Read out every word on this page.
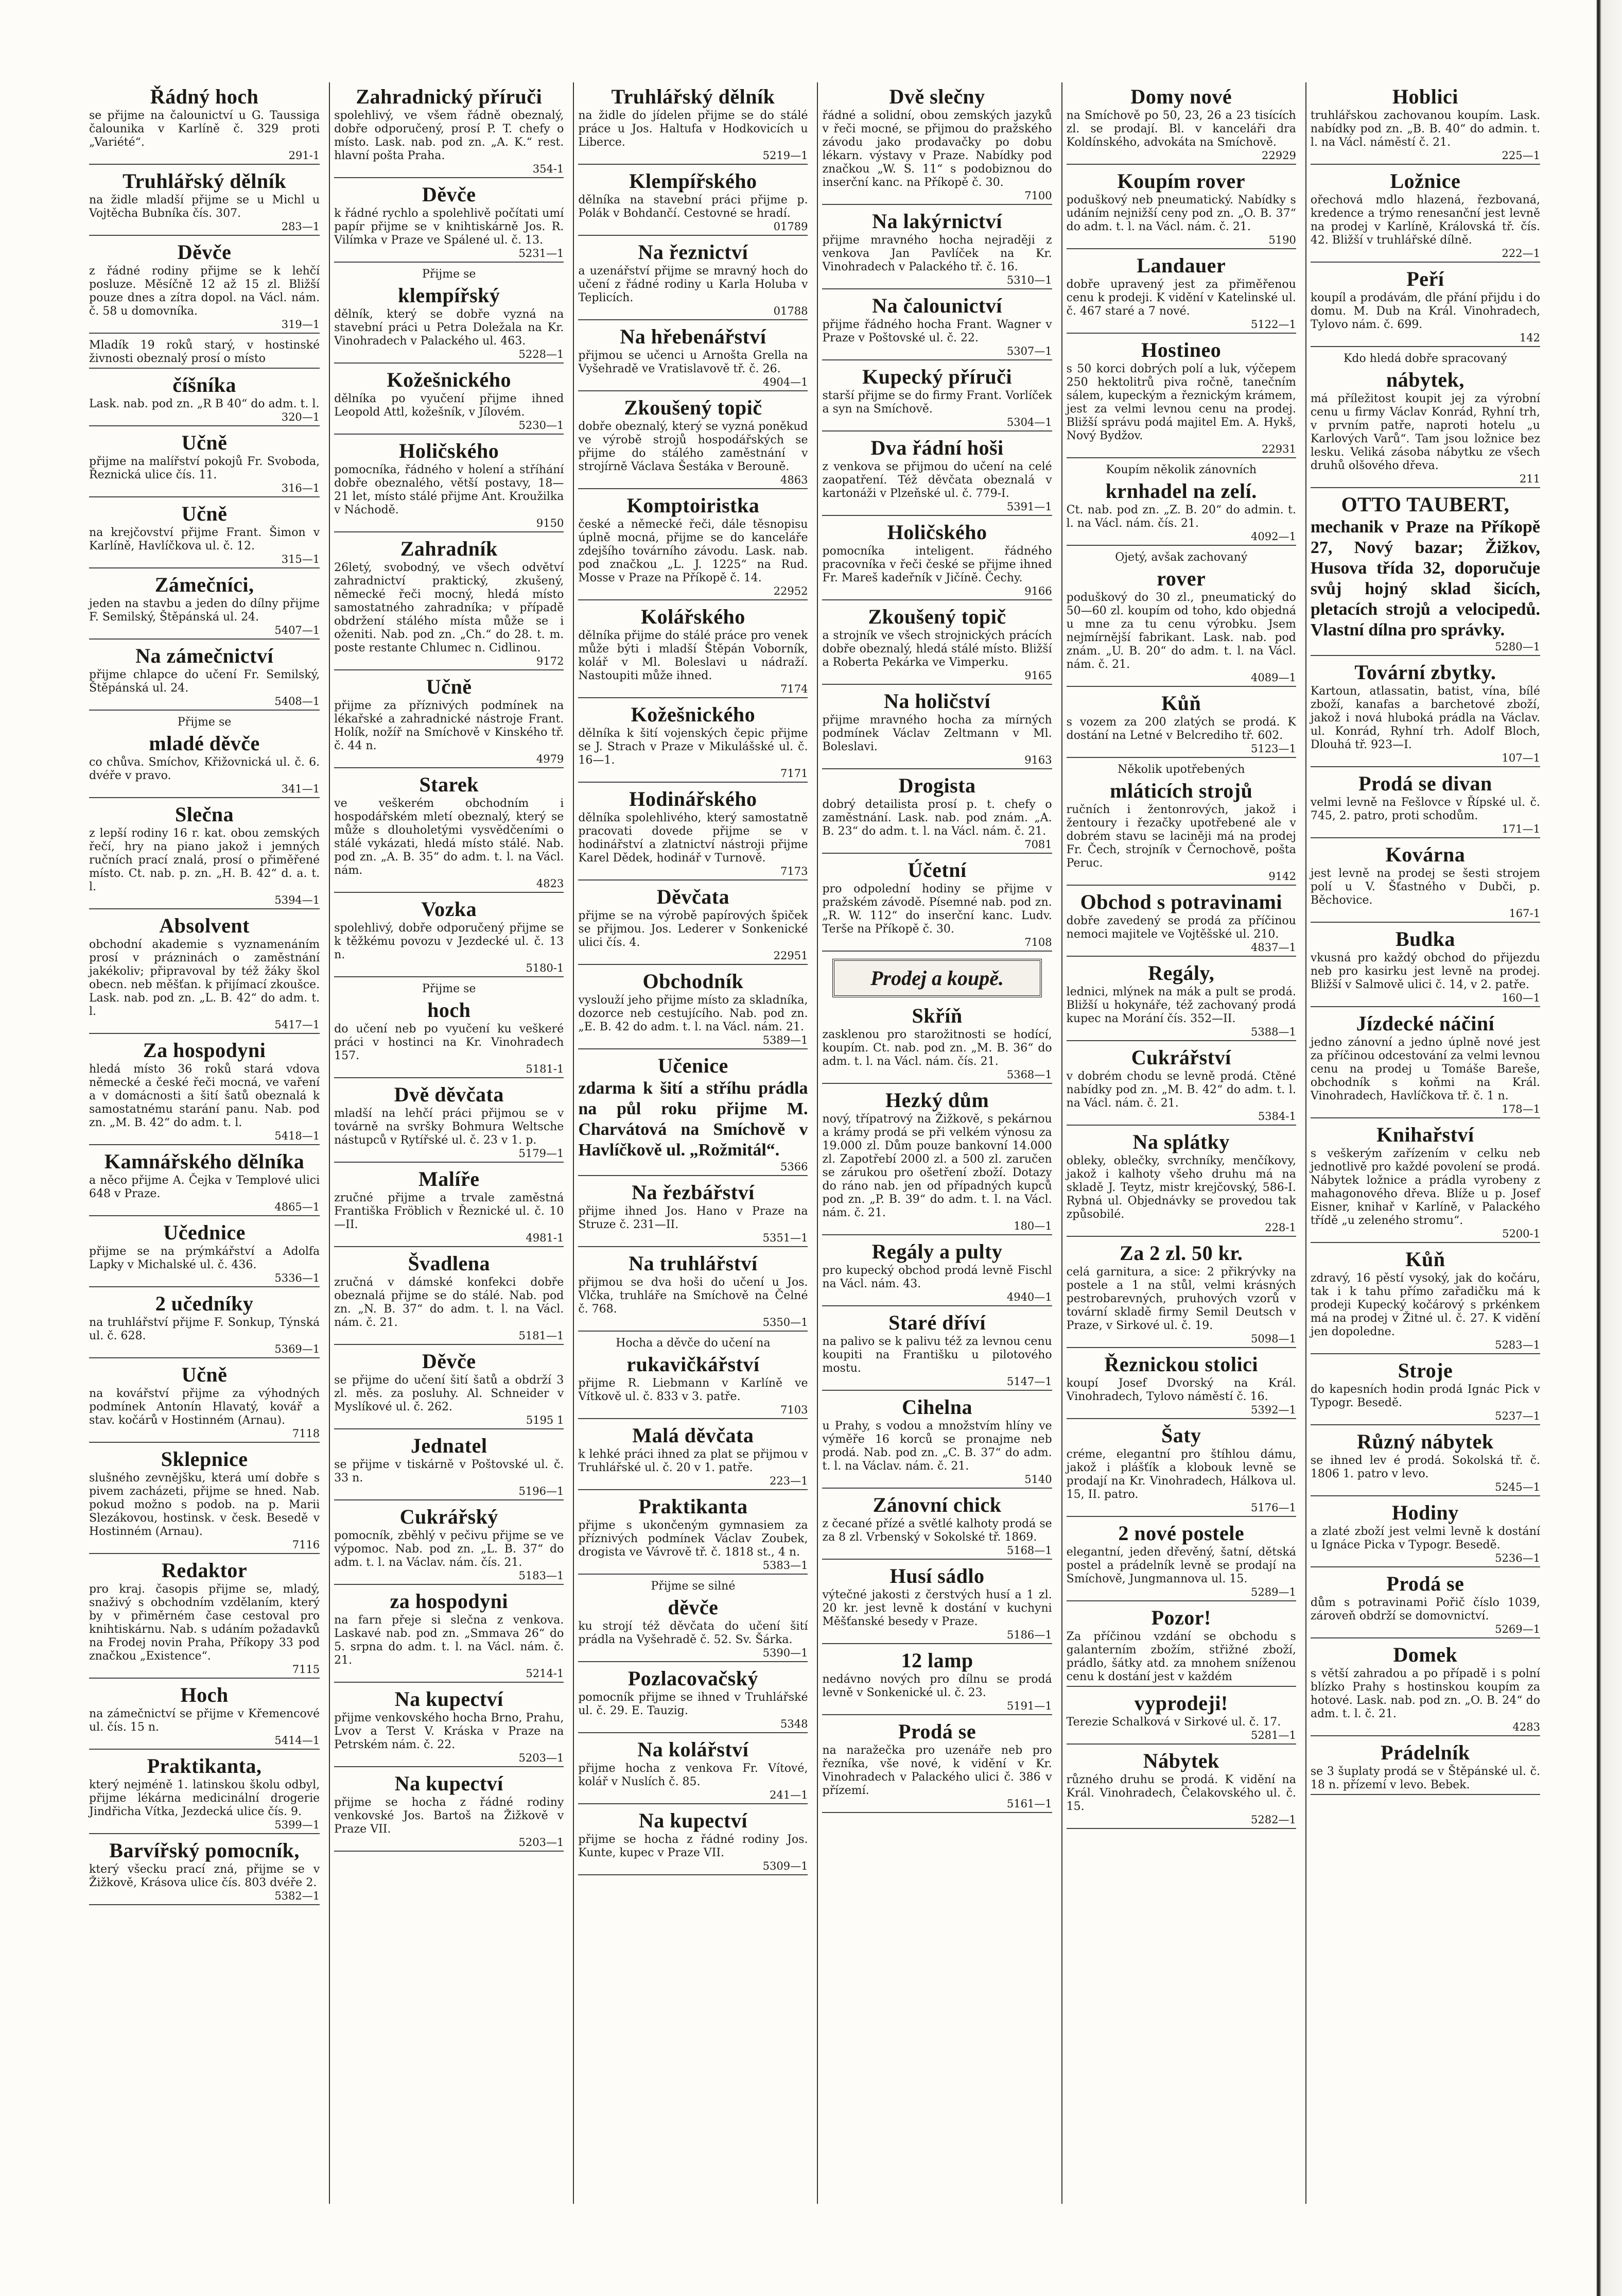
Řádný hoch

se přijme na čalounictví u G. Taussiga čalounika v Karlíně č. 329 proti „Variété“.

291-1
Truhlářský dělník

na židle mladší přijme se u Michl u Vojtěcha Bubníka čís. 307.

283—1
Děvče

z řádné rodiny přijme se k lehčí posluze. Měsíčně 12 až 15 zl. Bližší pouze dnes a zítra dopol. na Václ. nám. č. 58 u domovníka.

319—1

Mladík 19 roků starý, v hostinské živnosti obeznalý prosí o místo

číšníka

Lask. nab. pod zn. „R B 40“ do adm. t. l.

320—1
Učně

přijme na malířství pokojů Fr. Svoboda, Řeznická ulice čís. 11.

316—1
Učně

na krejčovství přijme Frant. Šimon v Karlíně, Havlíčkova ul. č. 12.

315—1
Zámečníci,

jeden na stavbu a jeden do dílny přijme F. Semilský, Štěpánská ul. 24.

5407—1
Na zámečnictví

přijme chlapce do učení Fr. Semilský, Štěpánská ul. 24.

5408—1
Přijme se
mladé děvče

co chůva. Smíchov, Křižovnická ul. č. 6. dvéře v pravo.

341—1
Slečna

z lepší rodiny 16 r. kat. obou zemských řečí, hry na piano jakož i jemných ručních prací znalá, prosí o přiměřené místo. Ct. nab. p. zn. „H. B. 42“ d. a. t. l.

5394—1
Absolvent

obchodní akademie s vyznamenáním prosí v prázninách o zaměstnání jakékoliv; připravoval by též žáky škol obecn. neb měšťan. k přijímací zkoušce. Lask. nab. pod zn. „L. B. 42“ do adm. t. l.

5417—1
Za hospodyni

hledá místo 36 roků stará vdova německé a české řeči mocná, ve vaření a v domácnosti a šití šatů obeznalá k samostatnému starání panu. Nab. pod zn. „M. B. 42“ do adm. t. l.

5418—1
Kamnářského dělníka

a něco přijme A. Čejka v Templové ulici 648 v Praze.

4865—1
Učednice

přijme se na prýmkářství a Adolfa Lapky v Michalské ul. č. 436.

5336—1
2 učedníky

na truhlářství přijme F. Sonkup, Týnská ul. č. 628.

5369—1
Učně

na kovářství přijme za výhodných podmínek Antonín Hlavatý, kovář a stav. kočárů v Hostinném (Arnau).

7118
Sklepnice

slušného zevnějšku, která umí dobře s pivem zacházeti, přijme se hned. Nab. pokud možno s podob. na p. Marii Slezákovou, hostinsk. v česk. Besedě v Hostinném (Arnau).

7116
Redaktor

pro kraj. časopis přijme se, mladý, snaživý s obchodním vzdělaním, který by v přiměrném čase cestoval pro knihtiskárnu. Nab. s udáním požadavků na Frodej novin Praha, Příkopy 33 pod značkou „Existence“.

7115
Hoch

na zámečnictví se přijme v Křemencové ul. čís. 15 n.

5414—1
Praktikanta,

který nejméně 1. latinskou školu odbyl, přijme lékárna medicinální drogerie Jindřicha Vítka, Jezdecká ulice čís. 9.

5399—1
Barvířský pomocník,

který všecku prací zná, přijme se v Žižkově, Krásova ulice čís. 803 dvéře 2.

5382—1
Zahradnický příruči

spolehlivý, ve všem řádně obeznalý, dobře odporučený, prosí P. T. chefy o místo. Lask. nab. pod zn. „A. K.“ rest. hlavní pošta Praha.

354-1
Děvče

k řádné rychlo a spolehlivě počítati umí papír přijme se v knihtiskárně Jos. R. Vilímka v Praze ve Spálené ul. č. 13.

5231—1
Přijme se
klempířský

dělník, který se dobře vyzná na stavební práci u Petra Doležala na Kr. Vinohradech v Palackého ul. 463.

5228—1
Kožešnického

dělníka po vyučení přijme ihned Leopold Attl, kožešník, v Jílovém.

5230—1
Holičského

pomocníka, řádného v holení a stříhání dobře obeznalého, větší postavy, 18—21 let, místo stálé přijme Ant. Kroužilka v Náchodě.

9150
Zahradník

26letý, svobodný, ve všech odvětví zahradnictví praktický, zkušený, německé řeči mocný, hledá místo samostatného zahradníka; v případě obdržení stálého místa může se i oženiti. Nab. pod zn. „Ch.“ do 28. t. m. poste restante Chlumec n. Cidlinou.

9172
Učně

přijme za příznivých podmínek na lékařské a zahradnické nástroje Frant. Holík, nožíř na Smíchově v Kinského tř. č. 44 n.

4979
Starek

ve veškerém obchodním i hospodářském mletí obeznalý, který se může s dlouholetými vysvědčeními o stálé vykázati, hledá místo stálé. Nab. pod zn. „A. B. 35“ do adm. t. l. na Václ. nám.

4823
Vozka

spolehlivý, dobře odporučený přijme se k těžkému povozu v Jezdecké ul. č. 13 n.

5180-1
Přijme se
hoch

do učení neb po vyučení ku veškeré práci v hostinci na Kr. Vinohradech 157.

5181-1
Dvě děvčata

mladší na lehčí práci přijmou se v továrně na svršky Bohmura Weltsche nástupců v Rytířské ul. č. 23 v 1. p.

5179—1
Malíře

zručné přijme a trvale zaměstná Františka Fröblich v Řeznické ul. č. 10—II.

4981-1
Švadlena

zručná v dámské konfekci dobře obeznalá přijme se do stálé. Nab. pod zn. „N. B. 37“ do adm. t. l. na Václ. nám. č. 21.

5181—1
Děvče

se přijme do učení šití šatů a obdrží 3 zl. měs. za posluhy. Al. Schneider v Myslíkové ul. č. 262.

5195 1
Jednatel

se přijme v tiskárně v Poštovské ul. č. 33 n.

5196—1
Cukrářský

pomocník, zběhlý v pečivu přijme se ve výpomoc. Nab. pod zn. „L. B. 37“ do adm. t. l. na Václav. nám. čís. 21.

5183—1
za hospodyni

na farn přeje si slečna z venkova. Laskavé nab. pod zn. „Smmava 26“ do 5. srpna do adm. t. l. na Václ. nám. č. 21.

5214-1
Na kupectví

přijme venkovského hocha Brno, Prahu, Lvov a Terst V. Kráska v Praze na Petrském nám. č. 22.

5203—1
Na kupectví

přijme se hocha z řádné rodiny venkovské Jos. Bartoš na Žižkově v Praze VII.

5203—1
Truhlářský dělník

na židle do jídelen přijme se do stálé práce u Jos. Haltufa v Hodkovicích u Liberce.

5219—1
Klempířského

dělníka na stavební práci přijme p. Polák v Bohdančí. Cestovné se hradí.

01789
Na řeznictví

a uzenářství přijme se mravný hoch do učení z řádné rodiny u Karla Holuba v Teplicích.

01788
Na hřebenářství

přijmou se učenci u Arnošta Grella na Vyšehradě ve Vratislavově tř. č. 26.

4904—1
Zkoušený topič

dobře obeznalý, který se vyzná poněkud ve výrobě strojů hospodářských se přijme do stálého zaměstnání v strojírně Václava Šestáka v Berouně.

4863
Komptoiristka

české a německé řeči, dále těsnopisu úplně mocná, přijme se do kanceláře zdejšího továrního závodu. Lask. nab. pod značkou „L. J. 1225“ na Rud. Mosse v Praze na Příkopě č. 14.

22952
Kolářského

dělníka přijme do stálé práce pro venek může býti i mladší Štěpán Voborník, kolář v Ml. Boleslavi u nádraží. Nastoupiti může ihned.

7174
Kožešnického

dělníka k šití vojenských čepic přijme se J. Strach v Praze v Mikulášské ul. č. 16—1.

7171
Hodinářského

dělníka spolehlivého, který samostatně pracovati dovede přijme se v hodinářství a zlatnictví nástroji přijme Karel Dědek, hodinář v Turnově.

7173
Děvčata

přijme se na výrobě papírových špiček se přijmou. Jos. Lederer v Sonkenické ulici čís. 4.

22951
Obchodník

vyslouží jeho přijme místo za skladníka, dozorce neb cestujícího. Nab. pod zn. „E. B. 42 do adm. t. l. na Václ. nám. 21.

5389—1
Učenice

zdarma k šití a stříhu prádla na půl roku přijme M. Charvátová na Smíchově v Havlíčkově ul. „Rožmitál“.

5366
Na řezbářství

přijme ihned Jos. Hano v Praze na Struze č. 231—II.

5351—1
Na truhlářství

přijmou se dva hoši do učení u Jos. Vlčka, truhláře na Smíchově na Čelné č. 768.

5350—1
Hocha a děvče do učení na
rukavičkářství

přijme R. Liebmann v Karlíně ve Vítkově ul. č. 833 v 3. patře.

7103
Malá děvčata

k lehké práci ihned za plat se přijmou v Truhlářské ul. č. 20 v 1. patře.

223—1
Praktikanta

přijme s ukončeným gymnasiem za příznivých podmínek Václav Zoubek, drogista ve Vávrově tř. č. 1818 st., 4 n.

5383—1
Přijme se silné
děvče

ku strojí též děvčata do učení šití prádla na Vyšehradě č. 52. Sv. Šárka.

5390—1
Pozlacovačský

pomocník přijme se ihned v Truhlářské ul. č. 29. E. Tauzig.

5348
Na kolářství

přijme hocha z venkova Fr. Vítové, kolář v Nuslích č. 85.

241—1
Na kupectví

přijme se hocha z řádné rodiny Jos. Kunte, kupec v Praze VII.

5309—1
Dvě slečny

řádné a solidní, obou zemských jazyků v řeči mocné, se přijmou do pražského závodu jako prodavačky po dobu lékarn. výstavy v Praze. Nabídky pod značkou „W. S. 11“ s podobiznou do inserční kanc. na Příkopě č. 30.

7100
Na lakýrnictví

přijme mravného hocha nejraději z venkova Jan Pavlíček na Kr. Vinohradech v Palackého tř. č. 16.

5310—1
Na čalounictví

přijme řádného hocha Frant. Wagner v Praze v Poštovské ul. č. 22.

5307—1
Kupecký příruči

starší přijme se do firmy Frant. Vorlíček a syn na Smíchově.

5304—1
Dva řádní hoši

z venkova se přijmou do učení na celé zaopatření. Též děvčata obeznalá v kartonáži v Plzeňské ul. č. 779-I.

5391—1
Holičského

pomocníka inteligent. řádného pracovníka v řeči české se přijme ihned Fr. Mareš kadeřník v Jičíně. Čechy.

9166
Zkoušený topič

a strojník ve všech strojnických prácích dobře obeznalý, hledá stálé místo. Bližší a Roberta Pekárka ve Vimperku.

9165
Na holičství

přijme mravného hocha za mírných podmínek Václav Zeltmann v Ml. Boleslavi.

9163
Drogista

dobrý detailista prosí p. t. chefy o zaměstnání. Lask. nab. pod znám. „A. B. 23“ do adm. t. l. na Václ. nám. č. 21.

7081
Účetní

pro odpolední hodiny se přijme v pražském závodě. Písemné nab. pod zn. „R. W. 112“ do inserční kanc. Ludv. Terše na Příkopě č. 30.

7108
Prodej a koupě.
Skříň

zasklenou pro starožitnosti se hodící, koupím. Ct. nab. pod zn. „M. B. 36“ do adm. t. l. na Václ. nám. čís. 21.

5368—1
Hezký dům

nový, třípatrový na Žižkově, s pekárnou a krámy prodá se při velkém výnosu za 19.000 zl. Dům pouze bankovní 14.000 zl. Zapotřebí 2000 zl. a 500 zl. zaručen se zárukou pro ošetření zboží. Dotazy do ráno nab. jen od případných kupců pod zn. „P. B. 39“ do adm. t. l. na Václ. nám. č. 21.

180—1
Regály a pulty

pro kupecký obchod prodá levně Fischl na Václ. nám. 43.

4940—1
Staré dříví

na palivo se k palivu též za levnou cenu koupiti na Františku u pilotového mostu.

5147—1
Cihelna

u Prahy, s vodou a množstvím hlíny ve výměře 16 korců se pronajme neb prodá. Nab. pod zn. „C. B. 37“ do adm. t. l. na Václav. nám. č. 21.

5140
Zánovní chick

z čecané přízé a světlé kalhoty prodá se za 8 zl. Vrbenský v Sokolské tř. 1869.

5168—1
Husí sádlo

výtečné jakosti z čerstvých husí a 1 zl. 20 kr. jest levně k dostání v kuchyni Měšťanské besedy v Praze.

5186—1
12 lamp

nedávno nových pro dílnu se prodá levně v Sonkenické ul. č. 23.

5191—1
Prodá se

na naražečka pro uzenáře neb pro řezníka, vše nové, k vidění v Kr. Vinohradech v Palackého ulici č. 386 v přízemí.

5161—1
Domy nové

na Smíchově po 50, 23, 26 a 23 tisících zl. se prodají. Bl. v kanceláři dra Koldínského, advokáta na Smíchově.

22929
Koupím rover

poduškový neb pneumatický. Nabídky s udáním nejnižší ceny pod zn. „O. B. 37“ do adm. t. l. na Václ. nám. č. 21.

5190
Landauer

dobře upravený jest za přiměřenou cenu k prodeji. K vidění v Katelinské ul. č. 467 staré a 7 nové.

5122—1
Hostineo

s 50 korci dobrých polí a luk, výčepem 250 hektolitrů piva ročně, tanečním sálem, kupeckým a řeznickým krámem, jest za velmi levnou cenu na prodej. Bližší správu podá majitel Em. A. Hykš, Nový Bydžov.

22931
Koupím několik zánovních
krnhadel na zelí.

Ct. nab. pod zn. „Z. B. 20“ do admin. t. l. na Václ. nám. čís. 21.

4092—1
Ojetý, avšak zachovaný
rover

poduškový do 30 zl., pneumatický do 50—60 zl. koupím od toho, kdo objedná u mne za tu cenu výrobku. Jsem nejmírnější fabrikant. Lask. nab. pod znám. „U. B. 20“ do adm. t. l. na Václ. nám. č. 21.

4089—1
Kůň

s vozem za 200 zlatých se prodá. K dostání na Letné v Belcrediho tř. 602.

5123—1
Několik upotřebených
mláticích strojů

ručních i žentonrových, jakož i žentoury i řezačky upotřebené ale v dobrém stavu se laciněji má na prodej Fr. Čech, strojník v Černochově, pošta Peruc.

9142
Obchod s potravinami

dobře zavedený se prodá za příčinou nemoci majitele ve Vojtěšské ul. 210.

4837—1
Regály,

lednici, mlýnek na mák a pult se prodá. Bližší u hokynáře, též zachovaný prodá kupec na Morání čís. 352—II.

5388—1
Cukrářství

v dobrém chodu se levně prodá. Ctěné nabídky pod zn. „M. B. 42“ do adm. t. l. na Václ. nám. č. 21.

5384-1
Na splátky

obleky, oblečky, svrchníky, menčíkovy, jakož i kalhoty všeho druhu má na skladě J. Teytz, mistr krejčovský, 586-I. Rybná ul. Objednávky se provedou tak způsobilé.

228-1
Za 2 zl. 50 kr.

celá garnitura, a sice: 2 přikrývky na postele a 1 na stůl, velmi krásných pestrobarevných, pruhových vzorů v tovární skladě firmy Semil Deutsch v Praze, v Sirkové ul. č. 19.

5098—1
Řeznickou stolici

koupí Josef Dvorský na Král. Vinohradech, Tylovo náměstí č. 16.

5392—1
Šaty

créme, elegantní pro štíhlou dámu, jakož i plášťík a klobouk levně se prodají na Kr. Vinohradech, Hálkova ul. 15, II. patro.

5176—1
2 nové postele

elegantní, jeden dřevěný, šatní, dětská postel a prádelník levně se prodají na Smíchově, Jungmannova ul. 15.

5289—1
Pozor!

Za příčinou vzdání se obchodu s galanterním zbožím, střižné zboží, prádlo, šátky atd. za mnohem sníženou cenu k dostání jest v každém

vyprodeji!

Terezie Schalková v Sirkové ul. č. 17.

5281—1
Nábytek

různého druhu se prodá. K vidění na Král. Vinohradech, Čelakovského ul. č. 15.

5282—1
Hoblici

truhlářskou zachovanou koupím. Lask. nabídky pod zn. „B. B. 40“ do admin. t. l. na Václ. náměstí č. 21.

225—1
Ložnice

ořechová mdlo hlazená, řezbovaná, kredence a trýmo renesanční jest levně na prodej v Karlíně, Královská tř. čís. 42. Bližší v truhlářské dílně.

222—1
Peří

koupíl a prodávám, dle přání přijdu i do domu. M. Dub na Král. Vinohradech, Tylovo nám. č. 699.

142
Kdo hledá dobře spracovaný
nábytek,

má příležitost koupit jej za výrobní cenu u firmy Václav Konrád, Ryhní trh, v prvním patře, naproti hotelu „u Karlových Varů“. Tam jsou ložnice bez lesku. Veliká zásoba nábytku ze všech druhů olšového dřeva.

211
OTTO TAUBERT,

mechanik v Praze na Příkopě 27, Nový bazar; Žižkov, Husova třída 32, doporučuje svůj hojný sklad šicích, pletacích strojů a velocipedů. Vlastní dílna pro správky.

5280—1
Tovární zbytky.

Kartoun, atlassatin, batist, vína, bílé zboží, kanafas a barchetové zboží, jakož i nová hluboká prádla na Václav. ul. Konrád, Ryhní trh. Adolf Bloch, Dlouhá tř. 923—I.

107—1
Prodá se divan

velmi levně na Fešlovce v Řípské ul. č. 745, 2. patro, proti schodům.

171—1
Kovárna

jest levně na prodej se šesti strojem polí u V. Šťastného v Dubči, p. Běchovice.

167-1
Budka

vkusná pro každý obchod do přijezdu neb pro kasirku jest levně na prodej. Bližší v Salmově ulici č. 14, v 2. patře.

160—1
Jízdecké náčiní

jedno zánovní a jedno úplně nové jest za příčinou odcestování za velmi levnou cenu na prodej u Tomáše Bareše, obchodník s koňmi na Král. Vinohradech, Havlíčkova tř. č. 1 n.

178—1
Knihařství

s veškerým zařízením v celku neb jednotlivě pro každé povolení se prodá. Nábytek ložnice a prádla vyrobeny z mahagonového dřeva. Blíže u p. Josef Eisner, knihař v Karlíně, v Palackého třídě „u zeleného stromu“.

5200-1
Kůň

zdravý, 16 pěstí vysoký, jak do kočáru, tak i k tahu přímo zařadičku má k prodeji Kupecký kočárový s prkénkem má na prodej v Žitné ul. č. 27. K vidění jen dopoledne.

5283—1
Stroje

do kapesních hodin prodá Ignác Pick v Typogr. Besedě.

5237—1
Různý nábytek

se ihned lev é prodá. Sokolská tř. č. 1806 1. patro v levo.

5245—1
Hodiny

a zlaté zboží jest velmi levně k dostání u Ignáce Picka v Typogr. Besedě.

5236—1
Prodá se

dům s potravinami Pořič číslo 1039, zároveň obdrží se domovnictví.

5269—1
Domek

s větší zahradou a po případě i s polní blízko Prahy s hostinskou koupím za hotové. Lask. nab. pod zn. „O. B. 24“ do adm. t. l. č. 21.

4283
Prádelník

se 3 šuplaty prodá se v Štěpánské ul. č. 18 n. přízemí v levo. Bebek.
